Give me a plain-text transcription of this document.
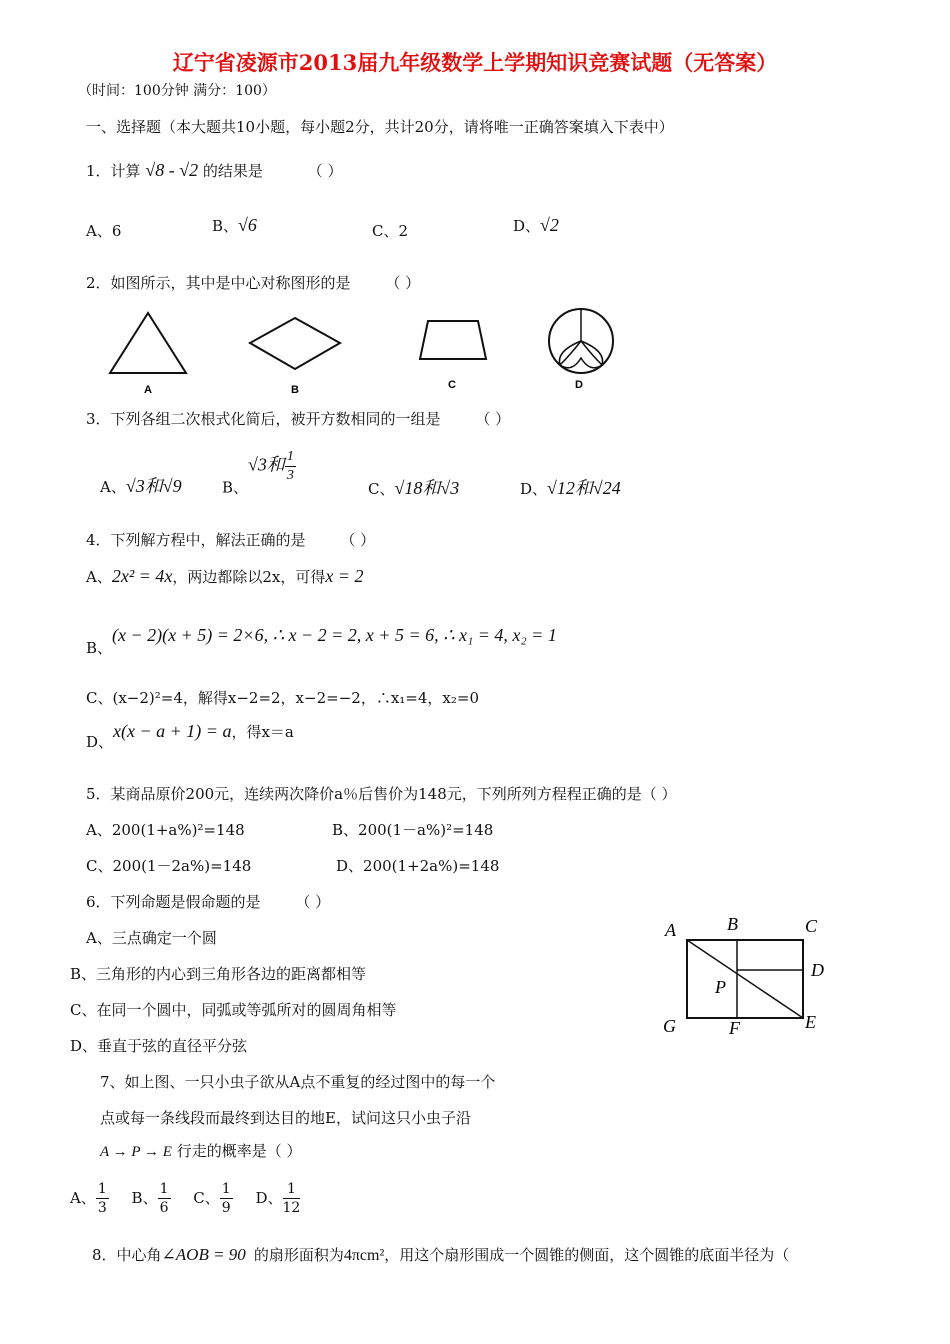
辽宁省凌源市2013届九年级数学上学期知识竞赛试题（无答案）
（时间：100分钟 满分：100）
一、选择题（本大题共10小题，每小题2分，共计20分，请将唯一正确答案填入下表中）
1．计算 √8 - √2 的结果是	（ ）
A、6	B、√6	C、2	D、√2
2．如图所示，其中是中心对称图形的是 （ ）
A	B	C	D
3．下列各组二次根式化简后，被开方数相同的一组是 （ ）
A、√3和√9	B、√3和 $\frac{1}{3}$
C、√18和√3	D、√12和√24
4．下列解方程中，解法正确的是 （ ）
A、2x² = 4x，两边都除以2x，可得x = 2
B、(x − 2)(x + 5) = 2×6, ∴ x − 2 = 2, x + 5 = 6, ∴ x₁ = 4, x₂ = 1
C、(x−2)²=4，解得x−2=2，x−2=−2，∴x₁=4，x₂=0
D、x(x − a + 1) = a，得x＝a
5．某商品原价200元，连续两次降价a％后售价为148元，下列所列方程程正确的是（ ）
A、200(1+a%)²=148	B、200(1－a%)²=148
C、200(1－2a%)=148	D、200(1+2a%)=148
6．下列命题是假命题的是 （ ）
A、三点确定一个圆
B、三角形的内心到三角形各边的距离都相等
C、在同一个圆中，同弧或等弧所对的圆周角相等
D、垂直于弦的直径平分弦
A	B	C
D
P
G	F	E
7、如上图、一只小虫子欲从A点不重复的经过图中的每一个
点或每一条线段而最终到达目的地E，试问这只小虫子沿
A → P → E 行走的概率是（ ）
A、 $\frac{1}{3}$ B、 $\frac{1}{6}$ C、 $\frac{1}{9}$ D、 $\frac{1}{12}$
8．中心角∠AOB = 90 的扇形面积为4πcm²，用这个扇形围成一个圆锥的侧面，这个圆锥的底面半径为（
